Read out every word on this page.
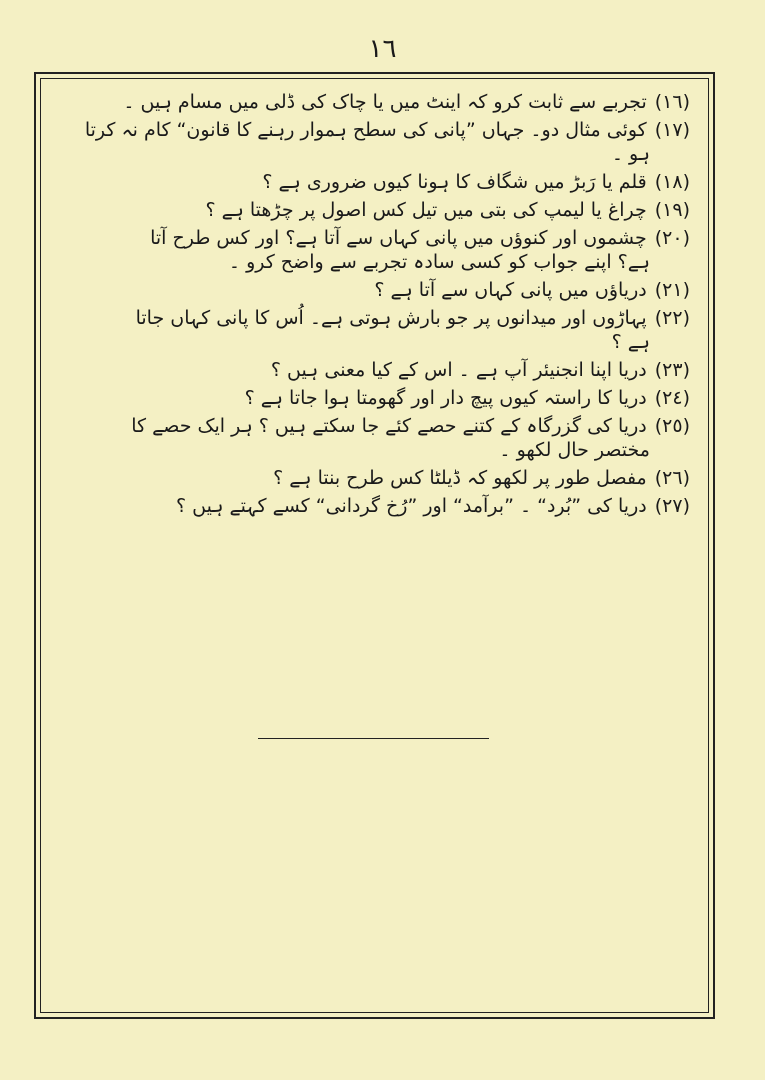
١٦
(١٦)تجربے سے ثابت کرو کہ اینٹ میں یا چاک کی ڈلی میں مسام ہیں ۔
(١٧)کوئی مثال دو۔ جہاں ”پانی کی سطح ہموار رہنے کا قانون“ کام نہ کرتا
ہو ۔
(١٨)قلم یا رَبڑ میں شگاف کا ہونا کیوں ضروری ہے ؟
(١٩)چراغ یا لیمپ کی بتی میں تیل کس اصول پر چڑھتا ہے ؟
(٢٠)چشموں اور کنوؤں میں پانی کہاں سے آتا ہے؟ اور کس طرح آتا
ہے؟ اپنے جواب کو کسی سادہ تجربے سے واضح کرو ۔
(٢١)دریاؤں میں پانی کہاں سے آتا ہے ؟
(٢٢)پہاڑوں اور میدانوں پر جو بارش ہوتی ہے۔ اُس کا پانی کہاں جاتا
ہے ؟
(٢٣)دریا اپنا انجنیئر آپ ہے ۔ اس کے کیا معنی ہیں ؟
(٢٤)دریا کا راستہ کیوں پیچ دار اور گھومتا ہوا جاتا ہے ؟
(٢٥)دریا کی گزرگاہ کے کتنے حصے کئے جا سکتے ہیں ؟ ہر ایک حصے کا
مختصر حال لکھو ۔
(٢٦)مفصل طور پر لکھو کہ ڈیلٹا کس طرح بنتا ہے ؟
(٢٧)دریا کی ”بُرد“ ۔ ”برآمد“ اور ”رُخ گردانی“ کسے کہتے ہیں ؟
